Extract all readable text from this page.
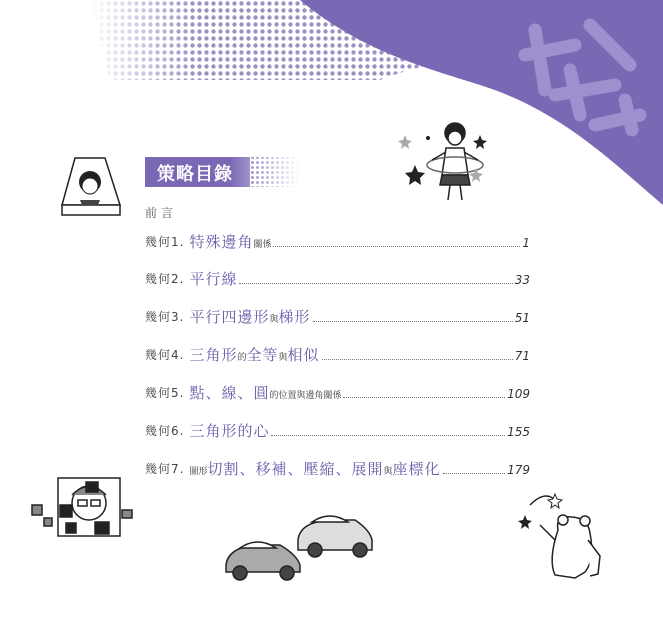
策略目錄
前言
幾何1. 特殊邊角關係	1
幾何2. 平行線	33
幾何3. 平行四邊形與梯形	51
幾何4. 三角形的全等與相似	71
幾何5. 點、線、圓的位置與邊角關係	109
幾何6. 三角形的心	155
幾何7. 圖形切割、移補、壓縮、展開與座標化	179
